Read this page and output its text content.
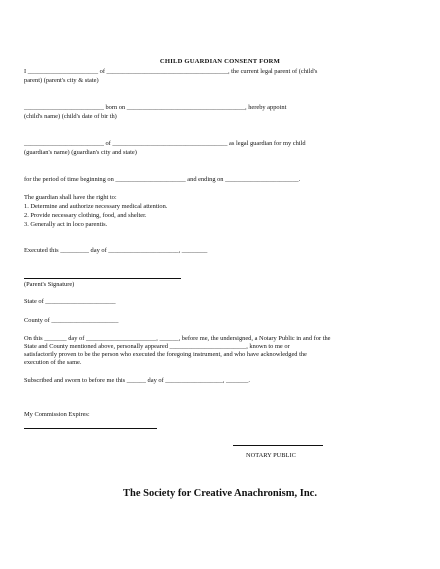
CHILD GUARDIAN CONSENT FORM
I ______________________ of ______________________________________, the current legal parent of (child's
parent) (parent's city & state)
_________________________ born on _____________________________________, hereby appoint
(child's name) (child's date of bir th)
_________________________ of ____________________________________ as legal guardian for my child
(guardian's name) (guardian's city and state)
for the period of time beginning on ______________________ and ending on _______________________.
The guardian shall have the right to:
1. Determine and authorize necessary medical attention.
2. Provide necessary clothing, food, and shelter.
3. Generally act in loco parentis.
Executed this _________ day of ______________________, ________
(Parent's Signature)
State of ______________________
County of _____________________
On this _______ day of ______________________, ______, before me, the undersigned, a Notary Public in and for the
State and County mentioned above, personally appeared ________________________, known to me or
satisfactorily proven to be the person who executed the foregoing instrument, and who have acknowledged the
execution of the same.
Subscribed and sworn to before me this ______ day of __________________, _______.
My Commission Expires:
NOTARY PUBLIC
The Society for Creative Anachronism, Inc.
